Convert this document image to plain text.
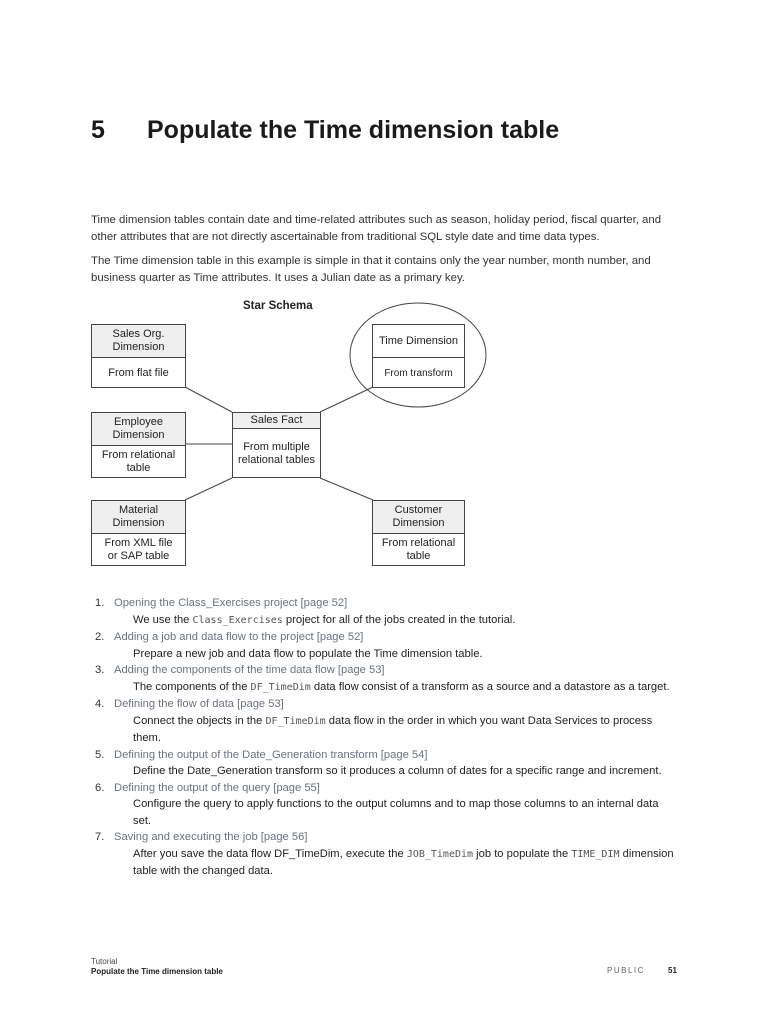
5 Populate the Time dimension table
Time dimension tables contain date and time-related attributes such as season, holiday period, fiscal quarter, and other attributes that are not directly ascertainable from traditional SQL style date and time data types.
The Time dimension table in this example is simple in that it contains only the year number, month number, and business quarter as Time attributes. It uses a Julian date as a primary key.
Star Schema
Sales Org. Dimension
From flat file
Time Dimension
From transform
Employee Dimension
From relational table
Sales Fact
From multiple relational tables
Material Dimension
From XML file or SAP table
Customer Dimension
From relational table
1. Opening the Class_Exercises project [page 52]
We use the Class_Exercises project for all of the jobs created in the tutorial.
2. Adding a job and data flow to the project [page 52]
Prepare a new job and data flow to populate the Time dimension table.
3. Adding the components of the time data flow [page 53]
The components of the DF_TimeDim data flow consist of a transform as a source and a datastore as a target.
4. Defining the flow of data [page 53]
Connect the objects in the DF_TimeDim data flow in the order in which you want Data Services to process them.
5. Defining the output of the Date_Generation transform [page 54]
Define the Date_Generation transform so it produces a column of dates for a specific range and increment.
6. Defining the output of the query [page 55]
Configure the query to apply functions to the output columns and to map those columns to an internal data set.
7. Saving and executing the job [page 56]
After you save the data flow DF_TimeDim, execute the JOB_TimeDim job to populate the TIME_DIM dimension table with the changed data.
Tutorial
Populate the Time dimension table	PUBLIC	51
